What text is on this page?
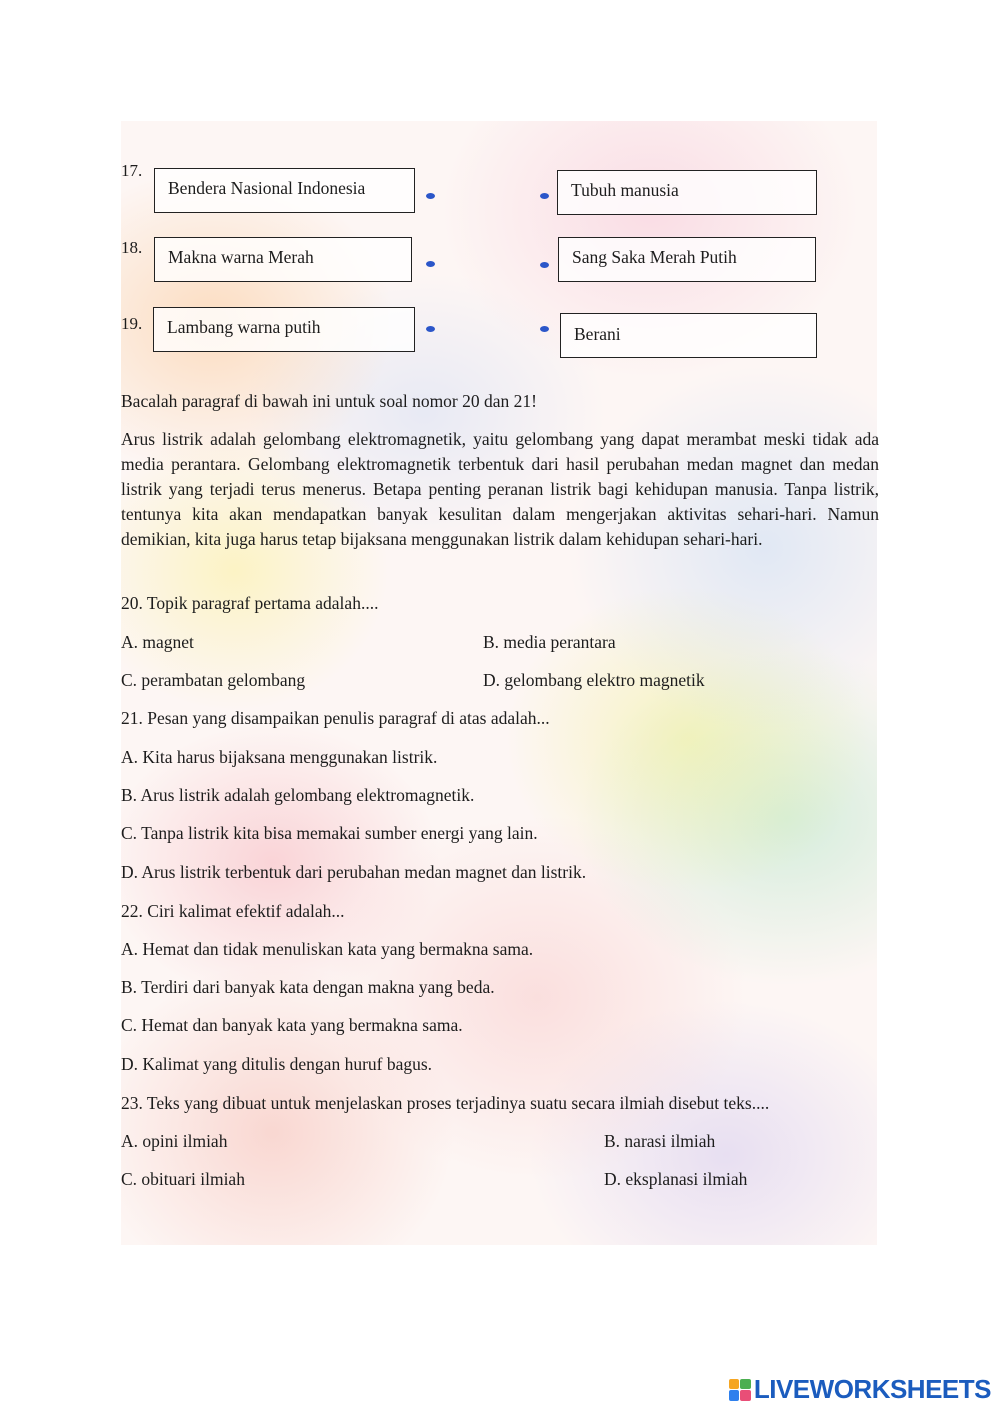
17.
Bendera Nasional Indonesia	Tubuh manusia
18.	Makna warna Merah	Sang Saka Merah Putih
19.	Lambang warna putih	Berani
Bacalah paragraf di bawah ini untuk soal nomor 20 dan 21!
Arus listrik adalah gelombang elektromagnetik, yaitu gelombang yang dapat merambat meski tidak ada media perantara. Gelombang elektromagnetik terbentuk dari hasil perubahan medan magnet dan medan listrik yang terjadi terus menerus. Betapa penting peranan listrik bagi kehidupan manusia. Tanpa listrik, tentunya kita akan mendapatkan banyak kesulitan dalam mengerjakan aktivitas sehari-hari. Namun demikian, kita juga harus tetap bijaksana menggunakan listrik dalam kehidupan sehari-hari.
20. Topik paragraf pertama adalah....
A. magnet	B. media perantara
C. perambatan gelombang	D. gelombang elektro magnetik
21. Pesan yang disampaikan penulis paragraf di atas adalah...
A. Kita harus bijaksana menggunakan listrik.
B. Arus listrik adalah gelombang elektromagnetik.
C. Tanpa listrik kita bisa memakai sumber energi yang lain.
D. Arus listrik terbentuk dari perubahan medan magnet dan listrik.
22. Ciri kalimat efektif adalah...
A. Hemat dan tidak menuliskan kata yang bermakna sama.
B. Terdiri dari banyak kata dengan makna yang beda.
C. Hemat dan banyak kata yang bermakna sama.
D. Kalimat yang ditulis dengan huruf bagus.
23. Teks yang dibuat untuk menjelaskan proses terjadinya suatu secara ilmiah disebut teks....
A. opini ilmiah	B. narasi ilmiah
C. obituari ilmiah	D. eksplanasi ilmiah
LIVEWORKSHEETS
